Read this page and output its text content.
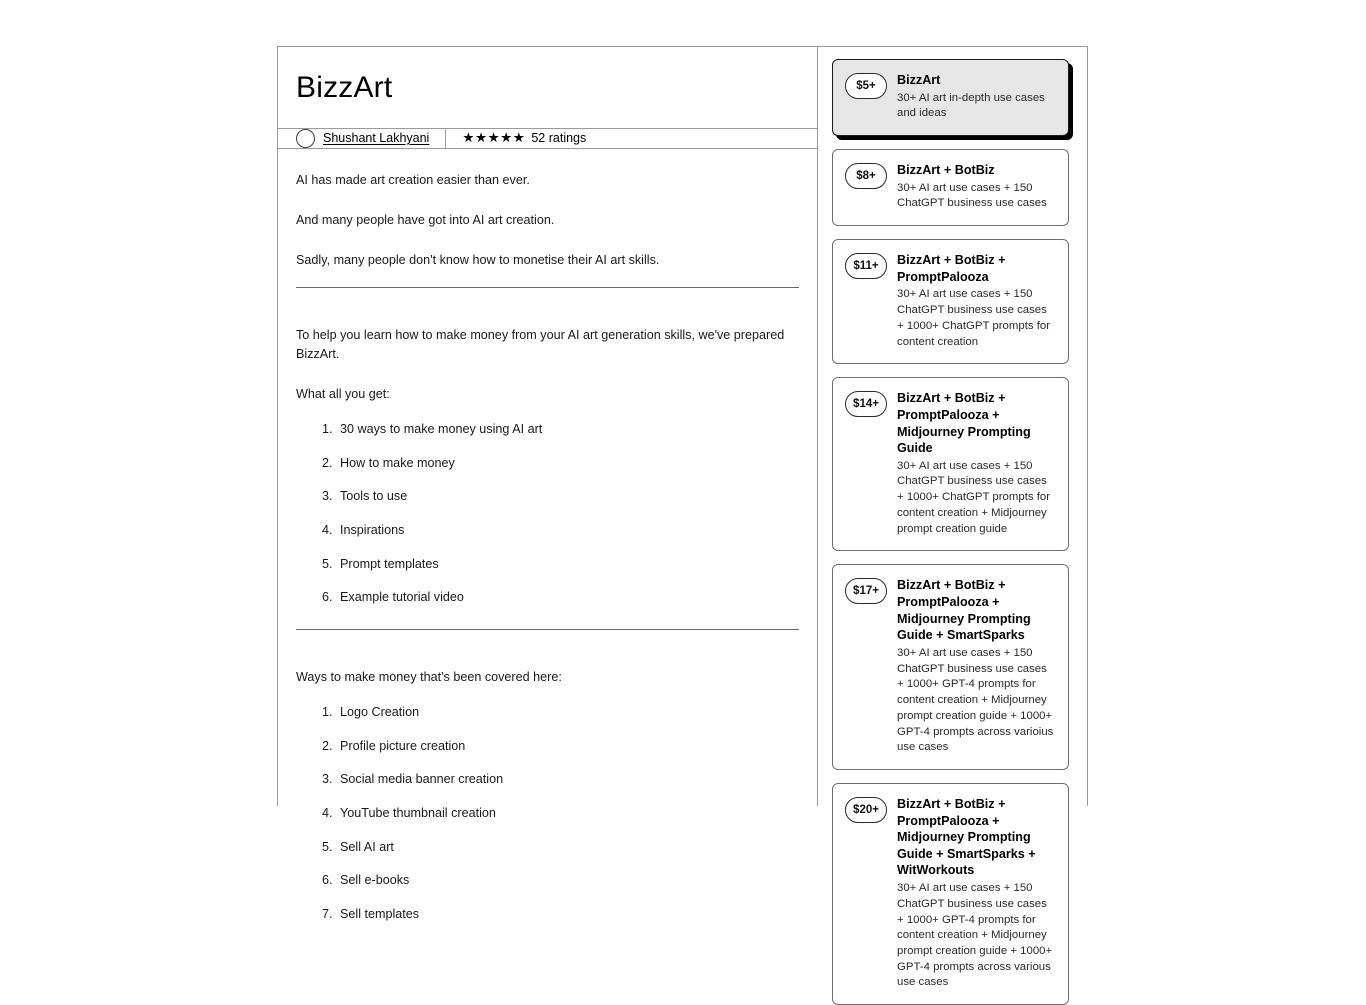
BizzArt
Shushant Lakhyani ★★★★★ 52 ratings

AI has made art creation easier than ever.

And many people have got into AI art creation.

Sadly, many people don't know how to monetise their AI art skills.

To help you learn how to make money from your AI art generation skills, we've prepared BizzArt.

What all you get:

1. 30 ways to make money using AI art
2. How to make money
3. Tools to use
4. Inspirations
5. Prompt templates
6. Example tutorial video

Ways to make money that's been covered here:

1. Logo Creation
2. Profile picture creation
3. Social media banner creation
4. YouTube thumbnail creation
5. Sell AI art
6. Sell e-books
7. Sell templates
$5+	BizzArt
30+ AI art in-depth use cases and ideas
$8+	BizzArt + BotBiz
30+ AI art use cases + 150 ChatGPT business use cases
$11+	BizzArt + BotBiz + PromptPalooza
30+ AI art use cases + 150 ChatGPT business use cases + 1000+ ChatGPT prompts for content creation
$14+	BizzArt + BotBiz + PromptPalooza + Midjourney Prompting Guide
30+ AI art use cases + 150 ChatGPT business use cases + 1000+ ChatGPT prompts for content creation + Midjourney prompt creation guide
$17+	BizzArt + BotBiz + PromptPalooza + Midjourney Prompting Guide + SmartSparks
30+ AI art use cases + 150 ChatGPT business use cases + 1000+ GPT-4 prompts for content creation + Midjourney prompt creation guide + 1000+ GPT-4 prompts across varioius use cases
$20+	BizzArt + BotBiz + PromptPalooza + Midjourney Prompting Guide + SmartSparks + WitWorkouts
30+ AI art use cases + 150 ChatGPT business use cases + 1000+ GPT-4 prompts for content creation + Midjourney prompt creation guide + 1000+ GPT-4 prompts across various use cases
